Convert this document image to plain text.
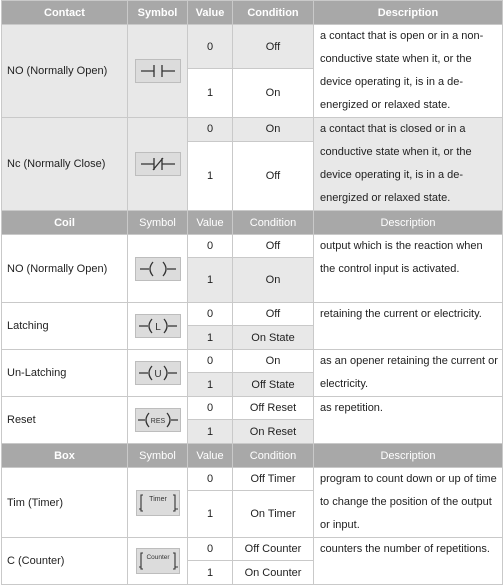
Contact	Symbol	Value	Condition	Description
NO (Normally Open)		0	Off	a contact that is open or in a non-conductive state when it, or the device operating it, is in a de-energized or relaxed state.
		1	On	
Nc (Normally Close)		0	On	a contact that is closed or in a conductive state when it, or the device operating it, is in a de-energized or relaxed state.
		1	Off	
Coil	Symbol	Value	Condition	Description
NO (Normally Open)		0	Off	output which is the reaction when the control input is activated.
		1	On	
Latching	L	0	Off	retaining the current or electricity.
		1	On State	
Un-Latching	U	0	On	as an opener retaining the current or electricity.
		1	Off State	
Reset	RES	0	Off Reset	as repetition.
		1	On Reset	
Box	Symbol	Value	Condition	Description
Tim (Timer)	Timer	0	Off Timer	program to count down or up of time to change the position of the output or input.
		1	On Timer	
C (Counter)	Counter	0	Off Counter	counters the number of repetitions.
		1	On Counter	
